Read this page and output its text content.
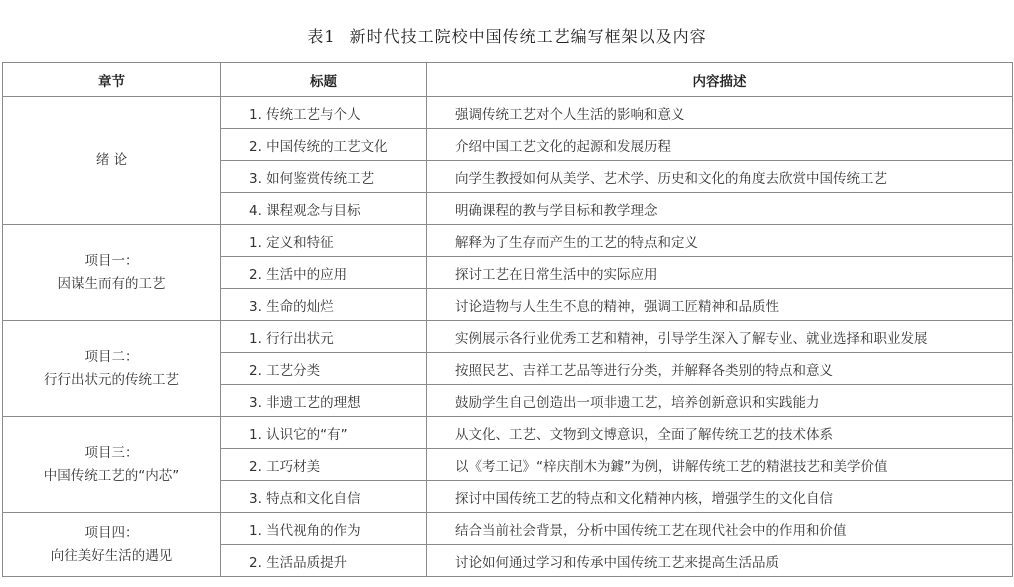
表1 新时代技工院校中国传统工艺编写框架以及内容
章节	标题	内容描述

绪 论	1. 传统工艺与个人	强调传统工艺对个人生活的影响和意义
	2. 中国传统的工艺文化	介绍中国工艺文化的起源和发展历程
	3. 如何鉴赏传统工艺	向学生教授如何从美学、艺术学、历史和文化的角度去欣赏中国传统工艺
	4. 课程观念与目标	明确课程的教与学目标和教学理念

项目一：
因谋生而有的工艺	1. 定义和特征	解释为了生存而产生的工艺的特点和定义
	2. 生活中的应用	探讨工艺在日常生活中的实际应用
	3. 生命的灿烂	讨论造物与人生生不息的精神，强调工匠精神和品质性

项目二：
行行出状元的传统工艺	1. 行行出状元	实例展示各行业优秀工艺和精神，引导学生深入了解专业、就业选择和职业发展
	2. 工艺分类	按照民艺、吉祥工艺品等进行分类，并解释各类别的特点和意义
	3. 非遗工艺的理想	鼓励学生自己创造出一项非遗工艺，培养创新意识和实践能力

项目三：
中国传统工艺的“内芯”	1. 认识它的“有”	从文化、工艺、文物到文博意识，全面了解传统工艺的技术体系
	2. 工巧材美	以《考工记》“梓庆削木为鐻”为例，讲解传统工艺的精湛技艺和美学价值
	3. 特点和文化自信	探讨中国传统工艺的特点和文化精神内核，增强学生的文化自信

项目四：
向往美好生活的遇见	1. 当代视角的作为	结合当前社会背景，分析中国传统工艺在现代社会中的作用和价值
	2. 生活品质提升	讨论如何通过学习和传承中国传统工艺来提高生活品质
